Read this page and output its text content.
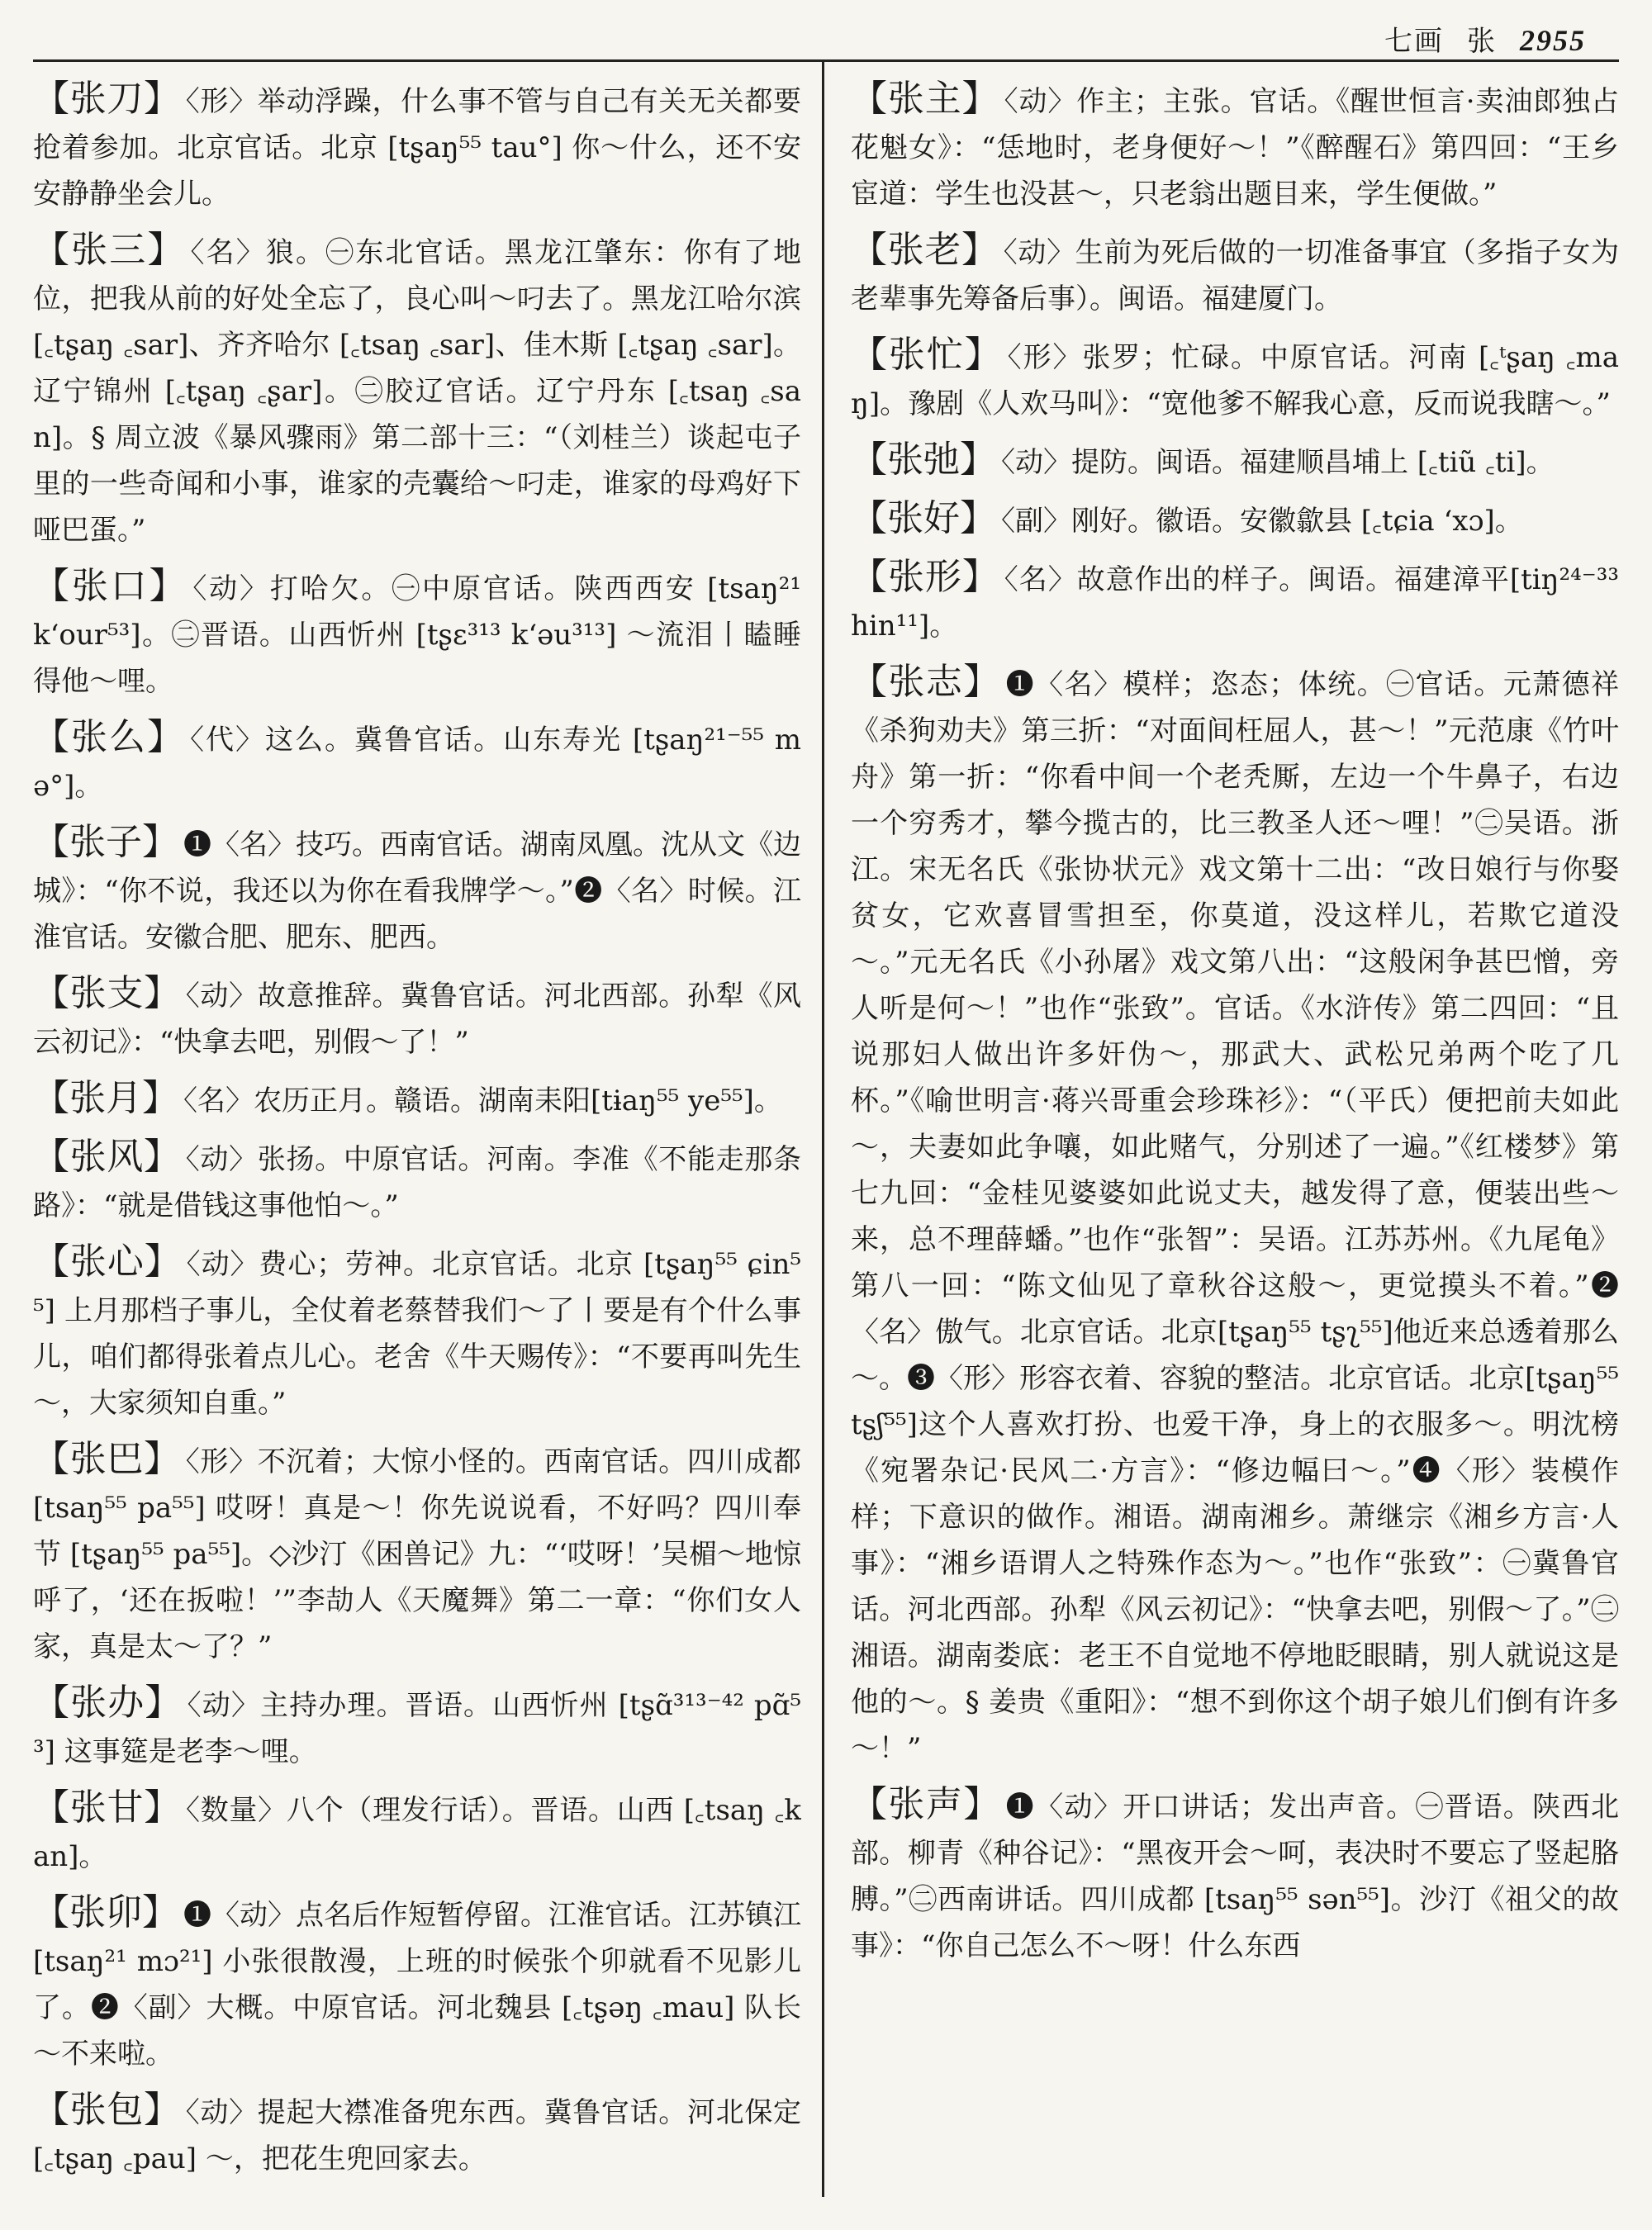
七画 张 2955
【张刀】 〈形〉举动浮躁，什么事不管与自己有关无关都要抢着参加。北京官话。北京 [tʂaŋ⁵⁵ tau°] 你～什么，还不安安静静坐会儿。
【张三】 〈名〉狼。㊀东北官话。黑龙江肇东：你有了地位，把我从前的好处全忘了，良心叫～叼去了。黑龙江哈尔滨 [꜀tʂaŋ ꜀sar]、齐齐哈尔 [꜀tsaŋ ꜀sar]、佳木斯 [꜀tʂaŋ ꜀sar]。辽宁锦州 [꜀tʂaŋ ꜀ʂar]。㊁胶辽官话。辽宁丹东 [꜀tsaŋ ꜀san]。§ 周立波《暴风骤雨》第二部十三：“（刘桂兰）谈起屯子里的一些奇闻和小事，谁家的壳囊给～叼走，谁家的母鸡好下哑巴蛋。”
【张口】 〈动〉打哈欠。㊀中原官话。陕西西安 [tsaŋ²¹ k‘our⁵³]。㊁晋语。山西忻州 [tʂɛ³¹³ k‘əu³¹³] ～流泪丨瞌睡得他～哩。
【张么】 〈代〉这么。冀鲁官话。山东寿光 [tʂaŋ²¹⁻⁵⁵ mə°]。
【张子】 ❶〈名〉技巧。西南官话。湖南凤凰。沈从文《边城》：“你不说，我还以为你在看我牌学～。”❷〈名〉时候。江淮官话。安徽合肥、肥东、肥西。
【张支】 〈动〉故意推辞。冀鲁官话。河北西部。孙犁《风云初记》：“快拿去吧，别假～了！”
【张月】 〈名〉农历正月。赣语。湖南耒阳[tɨaŋ⁵⁵ ye⁵⁵]。
【张风】 〈动〉张扬。中原官话。河南。李准《不能走那条路》：“就是借钱这事他怕～。”
【张心】 〈动〉费心；劳神。北京官话。北京 [tʂaŋ⁵⁵ ɕin⁵⁵] 上月那档子事儿，全仗着老蔡替我们～了丨要是有个什么事儿，咱们都得张着点儿心。老舍《牛天赐传》：“不要再叫先生～，大家须知自重。”
【张巴】 〈形〉不沉着；大惊小怪的。西南官话。四川成都 [tsaŋ⁵⁵ pa⁵⁵] 哎呀！真是～！你先说说看，不好吗？四川奉节 [tʂaŋ⁵⁵ pa⁵⁵]。◇沙汀《困兽记》九：“‘哎呀！’吴楣～地惊呼了，‘还在扳啦！’”李劼人《天魔舞》第二一章：“你们女人家，真是太～了？”
【张办】 〈动〉主持办理。晋语。山西忻州 [tʂɑ̃³¹³⁻⁴² pɑ̃⁵³] 这事筵是老李～哩。
【张甘】 〈数量〉八个（理发行话）。晋语。山西 [꜀tsaŋ ꜀kan]。
【张卯】 ❶〈动〉点名后作短暂停留。江淮官话。江苏镇江 [tsaŋ²¹ mɔ²¹] 小张很散漫，上班的时候张个卯就看不见影儿了。❷〈副〉大概。中原官话。河北魏县 [꜀tʂəŋ ꜀mau] 队长～不来啦。
【张包】 〈动〉提起大襟准备兜东西。冀鲁官话。河北保定 [꜀tʂaŋ ꜀pau] ～，把花生兜回家去。
【张主】 〈动〉作主；主张。官话。《醒世恒言·卖油郎独占花魁女》：“恁地时，老身便好～！”《醉醒石》第四回：“王乡宦道：学生也没甚～，只老翁出题目来，学生便做。”
【张老】 〈动〉生前为死后做的一切准备事宜（多指子女为老辈事先筹备后事）。闽语。福建厦门。
【张忙】 〈形〉张罗；忙碌。中原官话。河南 [꜀ᵗʂaŋ ꜀maŋ]。豫剧《人欢马叫》：“宽他爹不解我心意，反而说我瞎～。”
【张弛】 〈动〉提防。闽语。福建顺昌埔上 [꜀tiũ ꜀ti]。
【张好】 〈副〉刚好。徽语。安徽歙县 [꜀tɕia ‘xɔ]。
【张形】 〈名〉故意作出的样子。闽语。福建漳平[tiŋ²⁴⁻³³ hin¹¹]。
【张志】 ❶〈名〉模样；恣态；体统。㊀官话。元萧德祥《杀狗劝夫》第三折：“对面间枉屈人，甚～！”元范康《竹叶舟》第一折：“你看中间一个老秃厮，左边一个牛鼻子，右边一个穷秀才，攀今揽古的，比三教圣人还～哩！”㊁吴语。浙江。宋无名氏《张协状元》戏文第十二出：“改日娘行与你娶贫女，它欢喜冒雪担至，你莫道，没这样儿，若欺它道没～。”元无名氏《小孙屠》戏文第八出：“这般闲争甚巴憎，旁人听是何～！”也作“张致”。官话。《水浒传》第二四回：“且说那妇人做出许多奸伪～，那武大、武松兄弟两个吃了几杯。”《喻世明言·蒋兴哥重会珍珠衫》：“（平氏）便把前夫如此～，夫妻如此争嚷，如此赌气，分别述了一遍。”《红楼梦》第七九回：“金桂见婆婆如此说丈夫，越发得了意，便装出些～来，总不理薛蟠。”也作“张智”：吴语。江苏苏州。《九尾龟》第八一回：“陈文仙见了章秋谷这般～，更觉摸头不着。”❷〈名〉傲气。北京官话。北京[tʂaŋ⁵⁵ tʂʅ⁵⁵]他近来总透着那么～。❸〈形〉形容衣着、容貌的整洁。北京官话。北京[tʂaŋ⁵⁵ tʂʃ⁵⁵]这个人喜欢打扮、也爱干净，身上的衣服多～。明沈榜《宛署杂记·民风二·方言》：“修边幅曰～。”❹〈形〉装模作样；下意识的做作。湘语。湖南湘乡。萧继宗《湘乡方言·人事》：“湘乡语谓人之特殊作态为～。”也作“张致”：㊀冀鲁官话。河北西部。孙犁《风云初记》：“快拿去吧，别假～了。”㊁湘语。湖南娄底：老王不自觉地不停地眨眼睛，别人就说这是他的～。§ 姜贵《重阳》：“想不到你这个胡子娘儿们倒有许多～！”
【张声】 ❶〈动〉开口讲话；发出声音。㊀晋语。陕西北部。柳青《种谷记》：“黑夜开会～呵，表决时不要忘了竖起胳膊。”㊁西南讲话。四川成都 [tsaŋ⁵⁵ sən⁵⁵]。沙汀《祖父的故事》：“你自己怎么不～呀！什么东西
